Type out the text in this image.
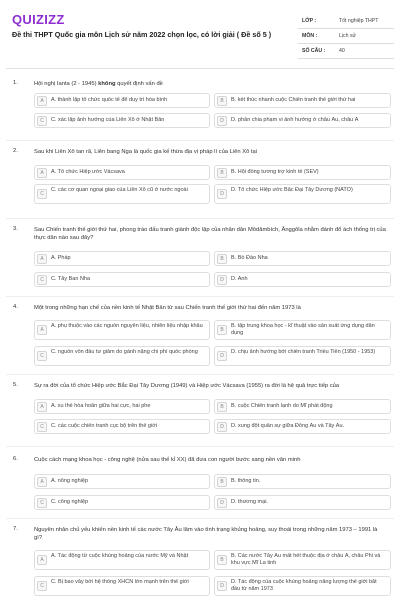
QUIZIZZ
Đề thi THPT Quốc gia môn Lịch sử năm 2022 chọn lọc, có lời giải ( Đề số 5 )
LỚP :	Tốt nghiệp THPT
MÔN :	Lịch sử
SỐ CÂU :	40
1.	Hội nghị Ianta (2 - 1945) không quyết định vấn đề
A	A. thành lập tổ chức quốc tế để duy trì hòa bình	B	B. kết thúc nhanh cuộc Chiến tranh thế giới thứ hai
C	C. xác lập ảnh hưởng của Liên Xô ở Nhật Bản	D	D. phân chia phạm vi ảnh hưởng ở châu Âu, châu Á
2.	Sau khi Liên Xô tan rã, Liên bang Nga là quốc gia kế thừa địa vị pháp lí của Liên Xô tại
A	A. Tổ chức Hiệp ước Vácsava	B	B. Hội đồng tương trợ kinh tế (SEV)
C
C. các cơ quan ngoại giao của Liên Xô cũ ở nước ngoài
D
D. Tổ chức Hiệp ước Bắc Đại Tây Dương (NATO)
3.	Sau Chiến tranh thế giới thứ hai, phong trào đấu tranh giành độc lập của nhân dân Môdămbích, Ănggôla nhằm đánh đổ ách thống trị của thực dân nào sau đây?
A	A. Pháp	B	B. Bồ Đào Nha
C	C. Tây Ban Nha	D	D. Anh
4.	Một trong những hạn chế của nền kinh tế Nhật Bản từ sau Chiến tranh thế giới thứ hai đến năm 1973 là
A
A. phụ thuộc vào các nguồn nguyên liệu, nhiên liệu nhập khẩu
B
B. tập trung khoa học - kĩ thuật vào sản xuất ứng dụng dân dụng
C
C. nguồn vốn đầu tư giảm do gánh nặng chi phí quốc phòng
D
D. chịu ảnh hưởng bởi chiến tranh Triều Tiên (1950 - 1953)
5.	Sự ra đời của tổ chức Hiệp ước Bắc Đại Tây Dương (1949) và Hiệp ước Vácsava (1955) ra đời là hệ quả trực tiếp của
A	A. xu thế hòa hoãn giữa hai cực, hai phe	B	B. cuộc Chiến tranh lạnh do Mĩ phát động
C	C. các cuộc chiến tranh cục bộ trên thế giới	D	D. xung đột quân sự giữa Đông Âu và Tây Âu.
6.	Cuộc cách mạng khoa học - công nghệ (nửa sau thế kỉ XX) đã đưa con người bước sang nền văn minh
A	A. nông nghiệp	B	B. thông tin.
C	C. công nghiệp	D	D. thương mại.
7.	Nguyên nhân chủ yếu khiến nền kinh tế các nước Tây Âu lâm vào tình trạng khủng hoảng, suy thoái trong những năm 1973 – 1991 là gì?
A
A. Tác động từ cuộc khủng hoảng của nước Mỹ và Nhật
B
B. Các nước Tây Âu mất hết thuộc địa ở châu Á, châu Phi và khu vực Mĩ La tinh
C
C. Bị bao vây bởi hệ thống XHCN lớn mạnh trên thế giới
D
D. Tác động của cuộc khủng hoảng năng lượng thế giới bắt đầu từ năm 1973
